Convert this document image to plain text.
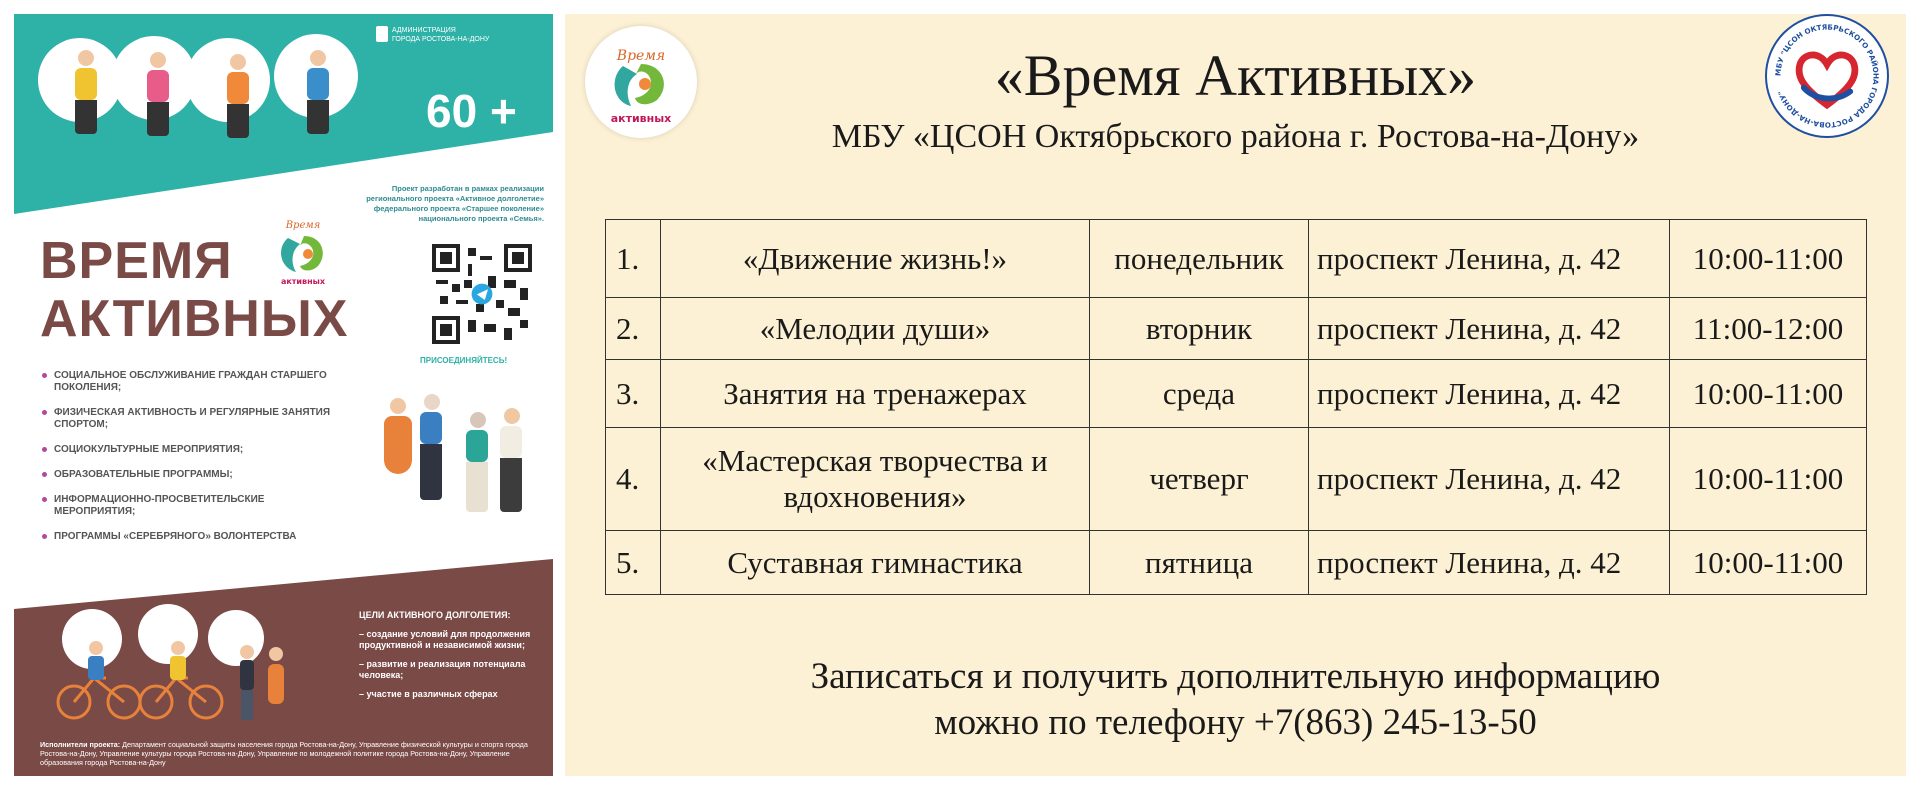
АДМИНИСТРАЦИЯ
ГОРОДА РОСТОВА-НА-ДОНУ
60 +
Проект разработан в рамках реализации
регионального проекта «Активное долголетие»
федерального проекта «Старшее поколение»
национального проекта «Семья».
ВРЕМЯ
АКТИВНЫХ
Время
активных
ПРИСОЕДИНЯЙТЕСЬ!
СОЦИАЛЬНОЕ ОБСЛУЖИВАНИЕ ГРАЖДАН СТАРШЕГО ПОКОЛЕНИЯ;
ФИЗИЧЕСКАЯ АКТИВНОСТЬ И РЕГУЛЯРНЫЕ ЗАНЯТИЯ СПОРТОМ;
СОЦИОКУЛЬТУРНЫЕ МЕРОПРИЯТИЯ;
ОБРАЗОВАТЕЛЬНЫЕ ПРОГРАММЫ;
ИНФОРМАЦИОННО-ПРОСВЕТИТЕЛЬСКИЕ МЕРОПРИЯТИЯ;
ПРОГРАММЫ «СЕРЕБРЯНОГО» ВОЛОНТЕРСТВА
ЦЕЛИ АКТИВНОГО ДОЛГОЛЕТИЯ:
– создание условий для продолжения продуктивной и независимой жизни;
– развитие и реализация потенциала человека;
– участие в различных сферах
Исполнители проекта: Департамент социальной защиты населения города Ростова-на-Дону, Управление физической культуры и спорта города Ростова-на-Дону, Управление культуры города Ростова-на-Дону, Управление по молодежной политике города Ростова-на-Дону, Управление образования города Ростова-на-Дону
Время
активных
«Время Активных»
МБУ «ЦСОН Октябрьского района г. Ростова-на-Дону»
МБУ "ЦСОН ОКТЯБРЬСКОГО РАЙОНА ГОРОДА РОСТОВА-НА-ДОНУ"
1.	«Движение жизнь!»	понедельник	проспект Ленина, д. 42	10:00-11:00
2.	«Мелодии души»	вторник	проспект Ленина, д. 42	11:00-12:00
3.	Занятия на тренажерах	среда	проспект Ленина, д. 42	10:00-11:00
4.	«Мастерская творчества и вдохновения»	четверг	проспект Ленина, д. 42	10:00-11:00
5.	Суставная гимнастика	пятница	проспект Ленина, д. 42	10:00-11:00
Записаться и получить дополнительную информацию
можно по телефону +7(863) 245-13-50
